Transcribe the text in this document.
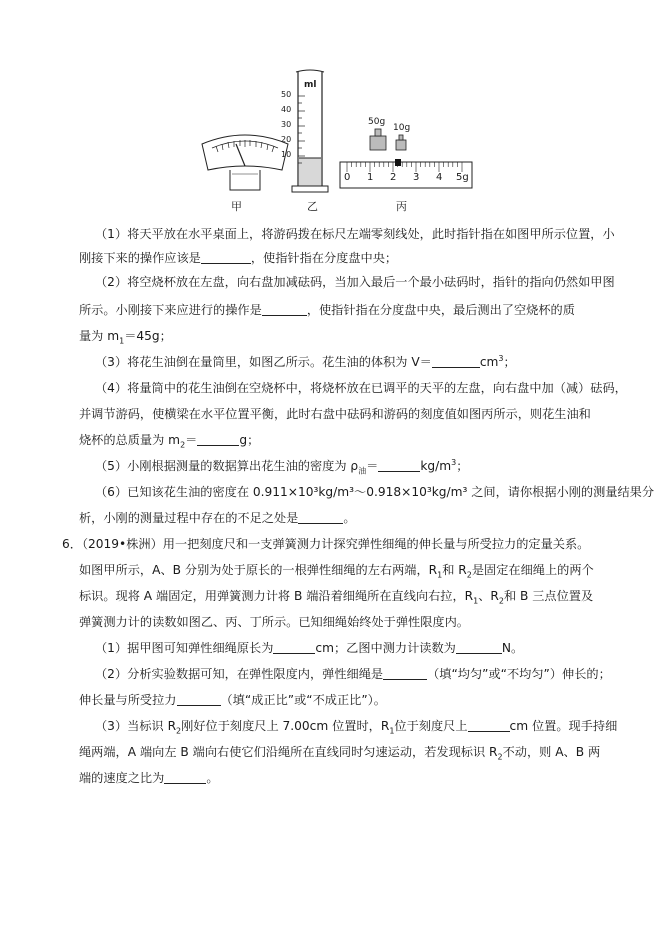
ml
50
40
30
20
10
50g
10g
0 1 2 3 4 5g
甲	乙	丙
（1）将天平放在水平桌面上，将游码拨在标尺左端零刻线处，此时指针指在如图甲所示位置，小
刚接下来的操作应该是	，使指针指在分度盘中央；
（2）将空烧杯放在左盘，向右盘加减砝码，当加入最后一个最小砝码时，指针的指向仍然如甲图
所示。小刚接下来应进行的操作是	，使指针指在分度盘中央，最后测出了空烧杯的质
量为 $m_1=45g$；
（3）将花生油倒在量筒里，如图乙所示。花生油的体积为 V＝	$cm^3$；
（4）将量筒中的花生油倒在空烧杯中，将烧杯放在已调平的天平的左盘，向右盘中加（减）砝码，
并调节游码，使横梁在水平位置平衡，此时右盘中砝码和游码的刻度值如图丙所示，则花生油和
烧杯的总质量为 $m_2=$	g；
（5）小刚根据测量的数据算出花生油的密度为 $\rho_油=$	$kg/m^3$；
（6）已知该花生油的密度在 0.911×10³kg/m³～0.918×10³kg/m³ 之间，请你根据小刚的测量结果分
析，小刚的测量过程中存在的不足之处是	。
6．（2019•株洲）用一把刻度尺和一支弹簧测力计探究弹性细绳的伸长量与所受拉力的定量关系。
如图甲所示，A、B 分别为处于原长的一根弹性细绳的左右两端，$R_1$和 $R_2$是固定在细绳上的两个
标识。现将 A 端固定，用弹簧测力计将 B 端沿着细绳所在直线向右拉，$R_1$、$R_2$和 B 三点位置及
弹簧测力计的读数如图乙、丙、丁所示。已知细绳始终处于弹性限度内。
（1）据甲图可知弹性细绳原长为	cm；乙图中测力计读数为	N。
（2）分析实验数据可知，在弹性限度内，弹性细绳是	（填“均匀”或“不均匀”）伸长的；
伸长量与所受拉力	（填“成正比”或“不成正比”）。
（3）当标识 $R_2$刚好位于刻度尺上 7.00cm 位置时，$R_1$位于刻度尺上	cm 位置。现手持细
绳两端，A 端向左 B 端向右使它们沿绳所在直线同时匀速运动，若发现标识 $R_2$不动，则 A、B 两
端的速度之比为	。
